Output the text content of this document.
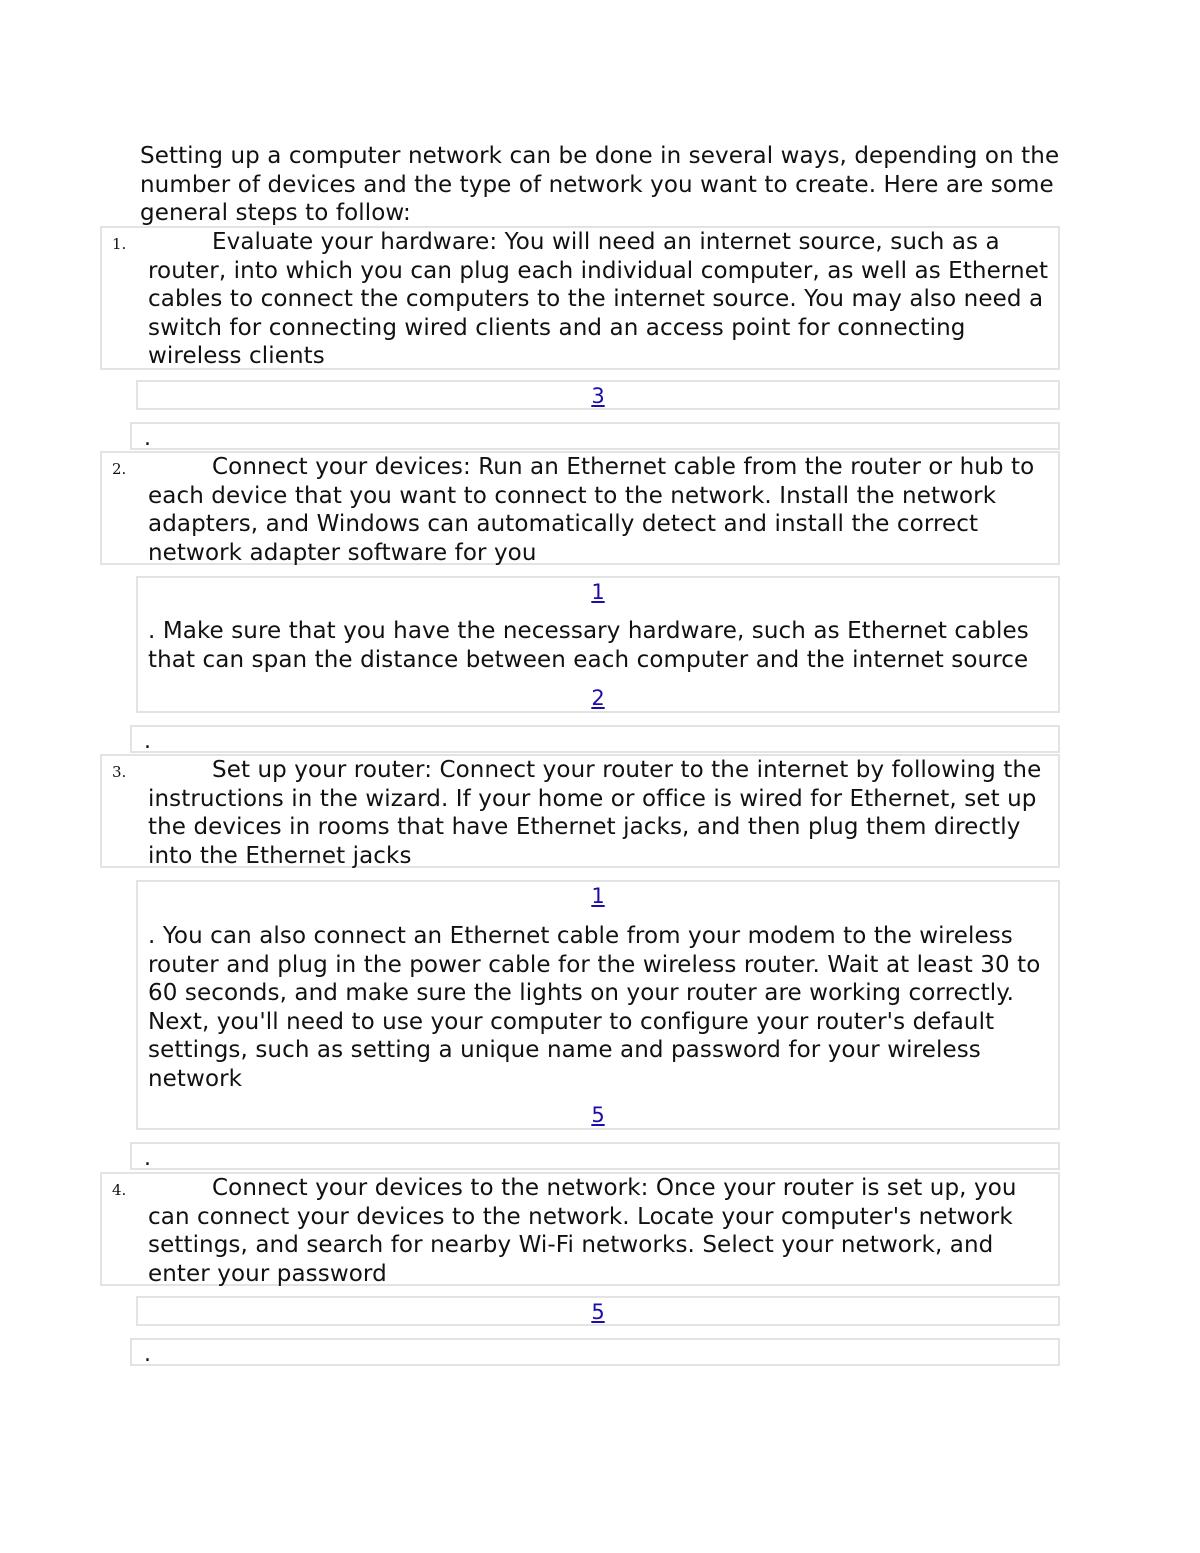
Setting up a computer network can be done in several ways, depending on the number of devices and the type of network you want to create. Here are some general steps to follow:
1.	Evaluate your hardware: You will need an internet source, such as a router, into which you can plug each individual computer, as well as Ethernet cables to connect the computers to the internet source. You may also need a switch for connecting wired clients and an access point for connecting wireless clients
3
.
2.	Connect your devices: Run an Ethernet cable from the router or hub to each device that you want to connect to the network. Install the network adapters, and Windows can automatically detect and install the correct network adapter software for you
1
. Make sure that you have the necessary hardware, such as Ethernet cables that can span the distance between each computer and the internet source
2
.
3.	Set up your router: Connect your router to the internet by following the instructions in the wizard. If your home or office is wired for Ethernet, set up the devices in rooms that have Ethernet jacks, and then plug them directly into the Ethernet jacks
1
. You can also connect an Ethernet cable from your modem to the wireless router and plug in the power cable for the wireless router. Wait at least 30 to 60 seconds, and make sure the lights on your router are working correctly. Next, you'll need to use your computer to configure your router's default settings, such as setting a unique name and password for your wireless network
5
.
4.	Connect your devices to the network: Once your router is set up, you can connect your devices to the network. Locate your computer's network settings, and search for nearby Wi-Fi networks. Select your network, and enter your password
5
.
